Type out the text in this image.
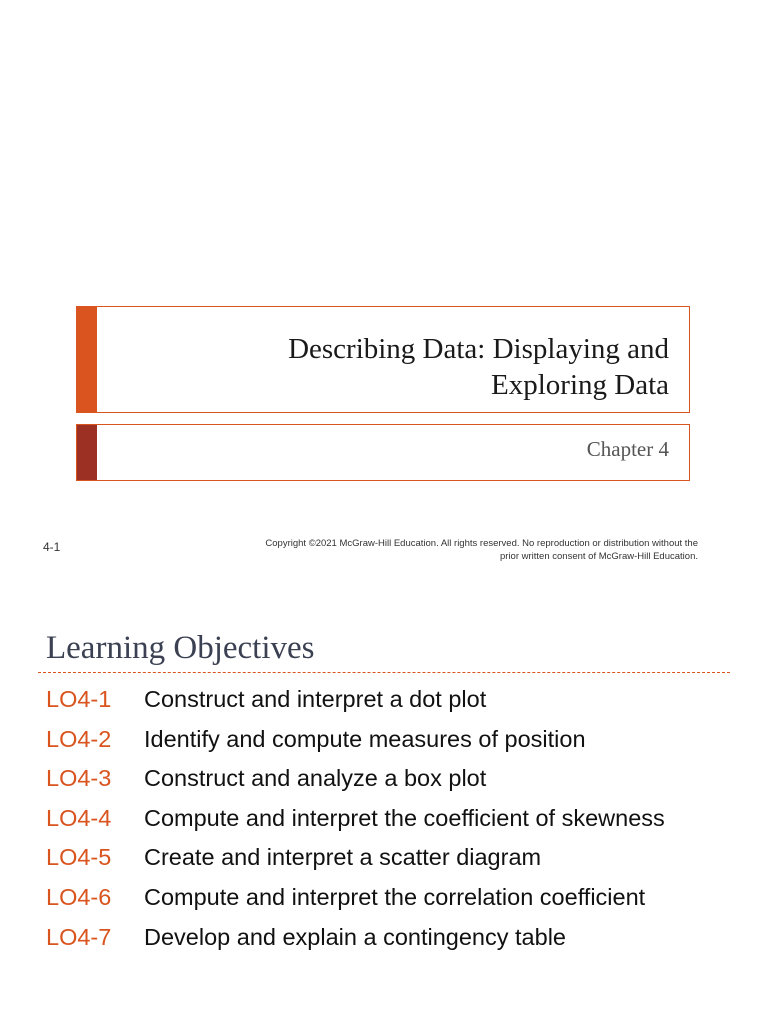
Describing Data: Displaying and
Exploring Data
Chapter 4
4-1	Copyright ©2021 McGraw-Hill Education. All rights reserved. No reproduction or distribution without the
prior written consent of McGraw-Hill Education.
Learning Objectives
LO4-1 Construct and interpret a dot plot
LO4-2 Identify and compute measures of position
LO4-3 Construct and analyze a box plot
LO4-4 Compute and interpret the coefficient of skewness
LO4-5 Create and interpret a scatter diagram
LO4-6 Compute and interpret the correlation coefficient
LO4-7 Develop and explain a contingency table
